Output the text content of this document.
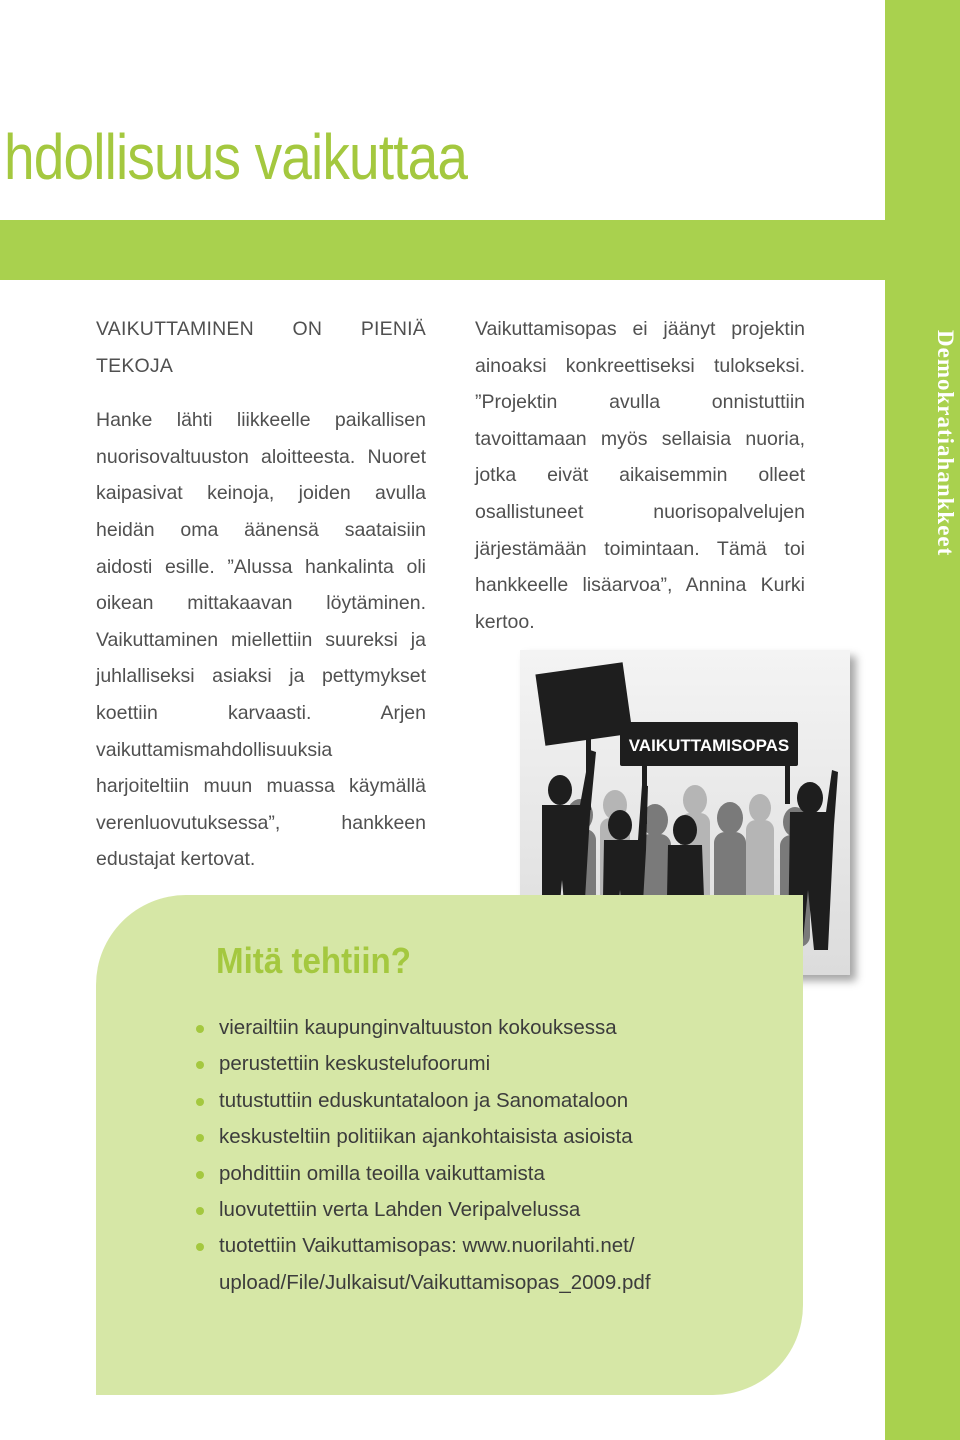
hdollisuus vaikuttaa
Demokratiahankkeet

VAIKUTTAMINEN ON PIENIÄ TEKOJA

Hanke lähti liikkeelle paikallisen nuorisovaltuuston aloitteesta. Nuoret kaipasivat keinoja, joiden avulla heidän oma äänensä saataisiin aidosti esille. ”Alussa hankalinta oli oikean mittakaavan löytäminen. Vaikuttaminen miellettiin suureksi ja juhlalliseksi asiaksi ja pettymykset koettiin karvaasti. Arjen vaikuttamismahdollisuuksia harjoiteltiin muun muassa käymällä verenluovutuksessa”, hankkeen edustajat kertovat.

Vaikuttamisopas ei jäänyt projektin ainoaksi konkreettiseksi tulokseksi. ”Projektin avulla onnistuttiin tavoittamaan myös sellaisia nuoria, jotka eivät aikaisemmin olleet osallistuneet nuorisopalvelujen järjestämään toimintaan. Tämä toi hankkeelle lisäarvoa”, Annina Kurki kertoo.

VAIKUTTAMISOPAS
Mitä tehtiin?
vierailtiin kaupunginvaltuuston kokouksessa
perustettiin keskustelufoorumi
tutustuttiin eduskuntataloon ja Sanomataloon
keskusteltiin politiikan ajankohtaisista asioista
pohdittiin omilla teoilla vaikuttamista
luovutettiin verta Lahden Veripalvelussa
tuotettiin Vaikuttamisopas: www.nuorilahti.net/
upload/File/Julkaisut/Vaikuttamisopas_2009.pdf
